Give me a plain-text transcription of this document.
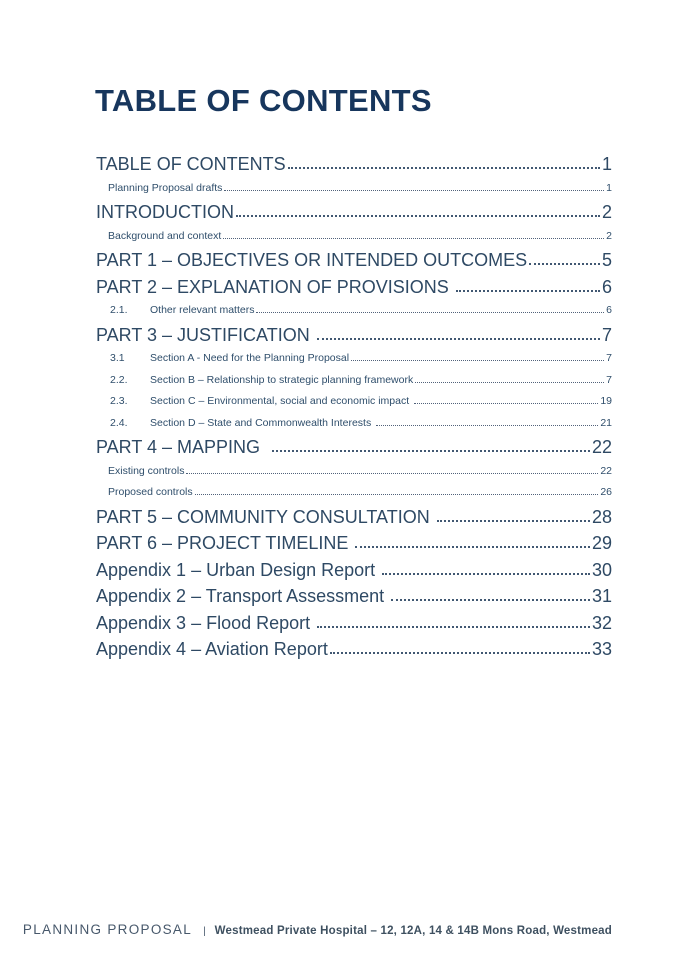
TABLE OF CONTENTS
TABLE OF CONTENTS	1
Planning Proposal drafts	1
INTRODUCTION	2
Background and context	2
PART 1 – OBJECTIVES OR INTENDED OUTCOMES	5
PART 2 – EXPLANATION OF PROVISIONS	6
2.1.	Other relevant matters	6
PART 3 – JUSTIFICATION	7
3.1	Section A - Need for the Planning Proposal	7
2.2.	Section B – Relationship to strategic planning framework	7
2.3.	Section C – Environmental, social and economic impact	19
2.4.	Section D – State and Commonwealth Interests	21
PART 4 – MAPPING	22
Existing controls	22
Proposed controls	26
PART 5 – COMMUNITY CONSULTATION	28
PART 6 – PROJECT TIMELINE	29
Appendix 1 – Urban Design Report	30
Appendix 2 – Transport Assessment	31
Appendix 3 – Flood Report	32
Appendix 4 – Aviation Report	33
PLANNING PROPOSAL | Westmead Private Hospital – 12, 12A, 14 & 14B Mons Road, Westmead
